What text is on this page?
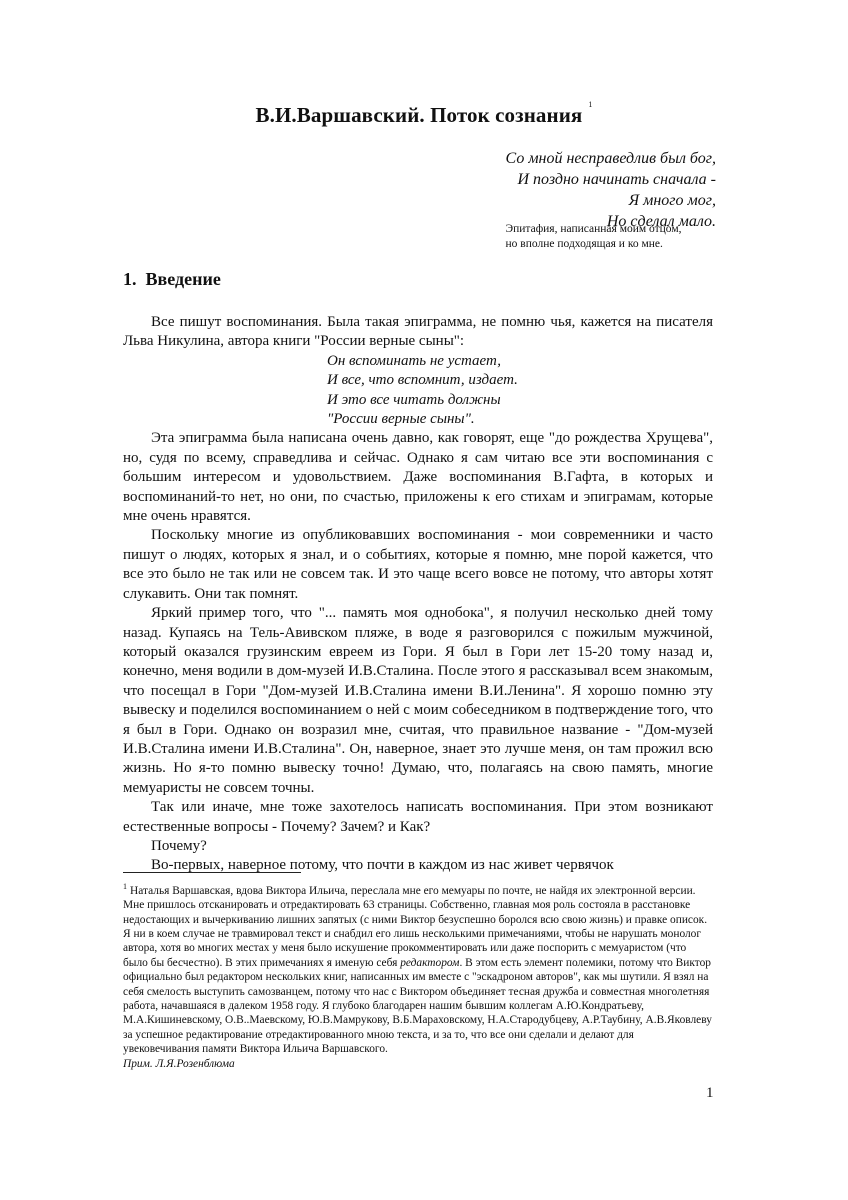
В.И.Варшавский. Поток сознания $^1$
Со мной несправедлив был бог,
И поздно начинать сначала -
Я много мог,
Но сделал мало.
Эпитафия, написанная моим отцом,
но вполне подходящая и ко мне.
1. Введение

Все пишут воспоминания. Была такая эпиграмма, не помню чья, кажется на писателя Льва Никулина, автора книги "России верные сыны":

Он вспоминать не устает,
И все, что вспомнит, издает.
И это все читать должны
"России верные сыны".

Эта эпиграмма была написана очень давно, как говорят, еще "до рождества Хрущева", но, судя по всему, справедлива и сейчас. Однако я сам читаю все эти воспоминания с большим интересом и удовольствием. Даже воспоминания В.Гафта, в которых и воспоминаний-то нет, но они, по счастью, приложены к его стихам и эпиграмам, которые мне очень нравятся.

Поскольку многие из опубликовавших воспоминания - мои современники и часто пишут о людях, которых я знал, и о событиях, которые я помню, мне порой кажется, что все это было не так или не совсем так. И это чаще всего вовсе не потому, что авторы хотят слукавить. Они так помнят.

Яркий пример того, что "... память моя однобока", я получил несколько дней тому назад. Купаясь на Тель-Авивском пляже, в воде я разговорился с пожилым мужчиной, который оказался грузинским евреем из Гори. Я был в Гори лет 15-20 тому назад и, конечно, меня водили в дом-музей И.В.Сталина. После этого я рассказывал всем знакомым, что посещал в Гори "Дом-музей И.В.Сталина имени В.И.Ленина". Я хорошо помню эту вывеску и поделился воспоминанием о ней с моим собеседником в подтверждение того, что я был в Гори. Однако он возразил мне, считая, что правильное название - "Дом-музей И.В.Сталина имени И.В.Сталина". Он, наверное, знает это лучше меня, он там прожил всю жизнь. Но я-то помню вывеску точно! Думаю, что, полагаясь на свою память, многие мемуаристы не совсем точны.

Так или иначе, мне тоже захотелось написать воспоминания. При этом возникают естественные вопросы - Почему? Зачем? и Как?

Почему?

Во-первых, наверное потому, что почти в каждом из нас живет червячок

$^1$ Наталья Варшавская, вдова Виктора Ильича, переслала мне его мемуары по почте, не найдя их электронной версии. Мне пришлось отсканировать и отредактировать 63 страницы. Собственно, главная моя роль состояла в расстановке недостающих и вычеркиванию лишних запятых (с ними Виктор безуспешно боролся всю свою жизнь) и правке описок. Я ни в коем случае не травмировал текст и снабдил его лишь несколькими примечаниями, чтобы не нарушать монолог автора, хотя во многих местах у меня было искушение прокомментировать или даже поспорить с мемуаристом (что было бы бесчестно). В этих примечаниях я именую себя редактором. В этом есть элемент полемики, потому что Виктор официально был редактором нескольких книг, написанных им вместе с "эскадроном авторов", как мы шутили. Я взял на себя смелость выступить самозванцем, потому что нас с Виктором объединяет тесная дружба и совместная многолетняя работа, начавшаяся в далеком 1958 году. Я глубоко благодарен нашим бывшим коллегам А.Ю.Кондратьеву, М.А.Кишиневскому, О.В..Маевскому, Ю.В.Мамрукову, В.Б.Мараховскому, Н.А.Стародубцеву, А.Р.Таубину, А.В.Яковлеву за успешное редактирование отредактированного мною текста, и за то, что все они сделали и делают для увековечивания памяти Виктора Ильича Варшавского.

Прим. Л.Я.Розенблюма

1
